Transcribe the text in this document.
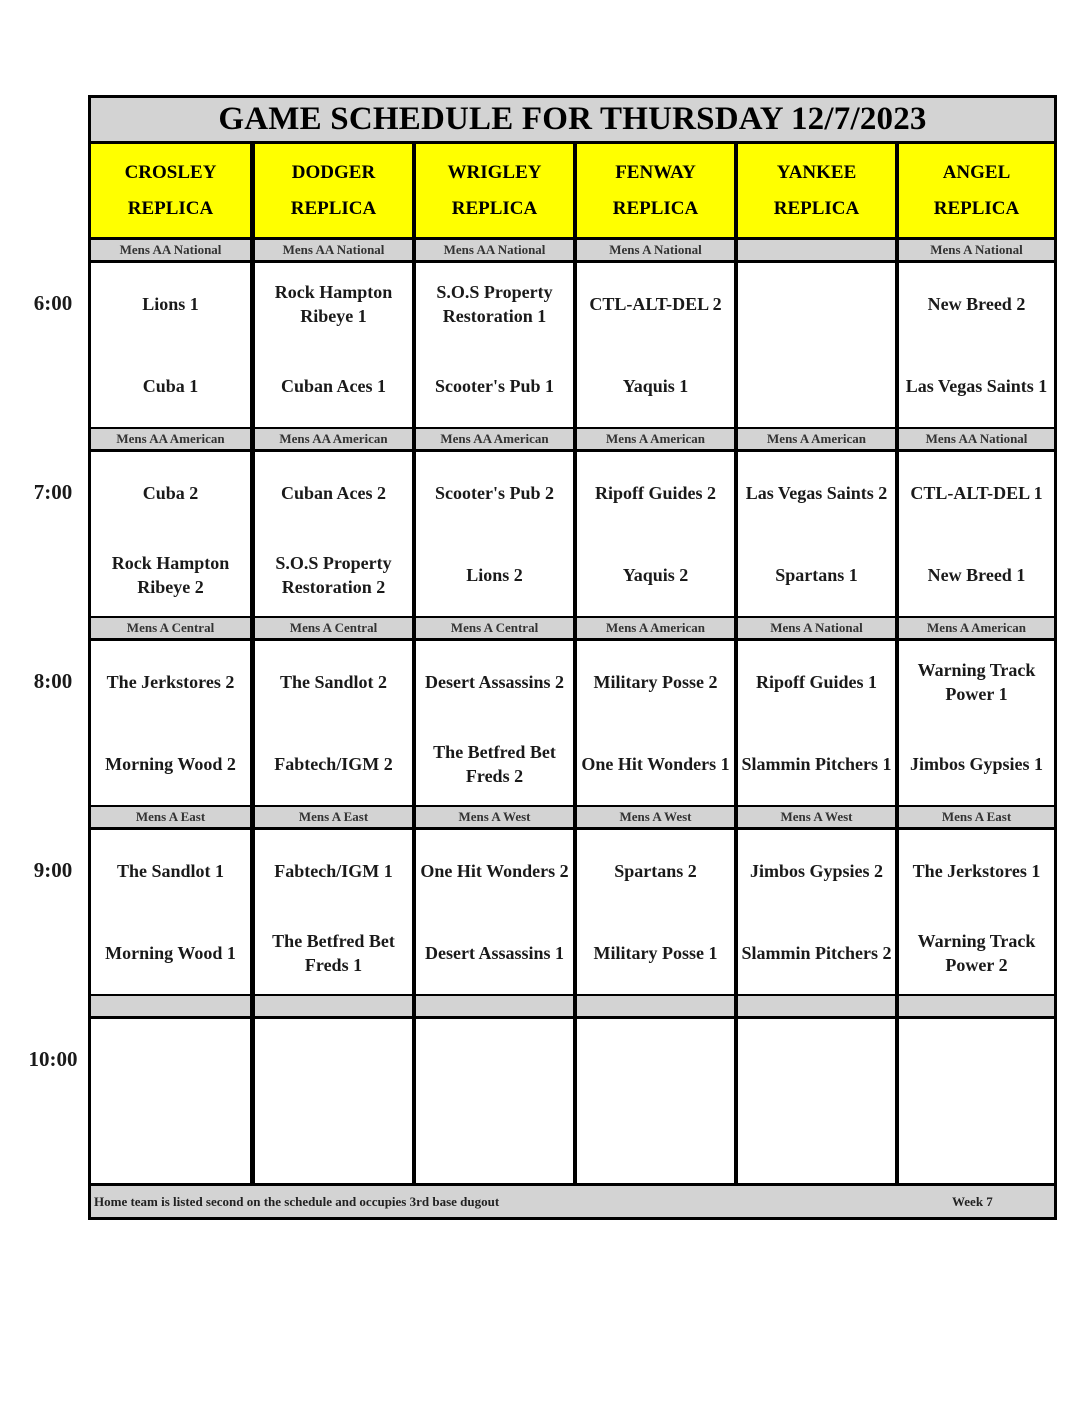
GAME SCHEDULE FOR THURSDAY 12/7/2023
CROSLEY
REPLICA
DODGER
REPLICA
WRIGLEY
REPLICA
FENWAY
REPLICA
YANKEE
REPLICA
ANGEL
REPLICA
Mens AA National
Lions 1
Cuba 1
Mens AA National
Rock Hampton Ribeye 1
Cuban Aces 1
Mens AA National
S.O.S Property Restoration 1
Scooter's Pub 1
Mens A National
CTL-ALT-DEL 2
Yaquis 1
Mens A National
New Breed 2
Las Vegas Saints 1
Mens AA American
Cuba 2
Rock Hampton Ribeye 2
Mens AA American
Cuban Aces 2
S.O.S Property Restoration 2
Mens AA American
Scooter's Pub 2
Lions 2
Mens A American
Ripoff Guides 2
Yaquis 2
Mens A American
Las Vegas Saints 2
Spartans 1
Mens AA National
CTL-ALT-DEL 1
New Breed 1
Mens A Central
The Jerkstores 2
Morning Wood 2
Mens A Central
The Sandlot 2
Fabtech/IGM 2
Mens A Central
Desert Assassins 2
The Betfred Bet Freds 2
Mens A American
Military Posse 2
One Hit Wonders 1
Mens A National
Ripoff Guides 1
Slammin Pitchers 1
Mens A American
Warning Track Power 1
Jimbos Gypsies 1
Mens A East
The Sandlot 1
Morning Wood 1
Mens A East
Fabtech/IGM 1
The Betfred Bet Freds 1
Mens A West
One Hit Wonders 2
Desert Assassins 1
Mens A West
Spartans 2
Military Posse 1
Mens A West
Jimbos Gypsies 2
Slammin Pitchers 2
Mens A East
The Jerkstores 1
Warning Track Power 2
Home team is listed second on the schedule and occupies 3rd base dugout	Week 7
6:00
7:00
8:00
9:00
10:00
